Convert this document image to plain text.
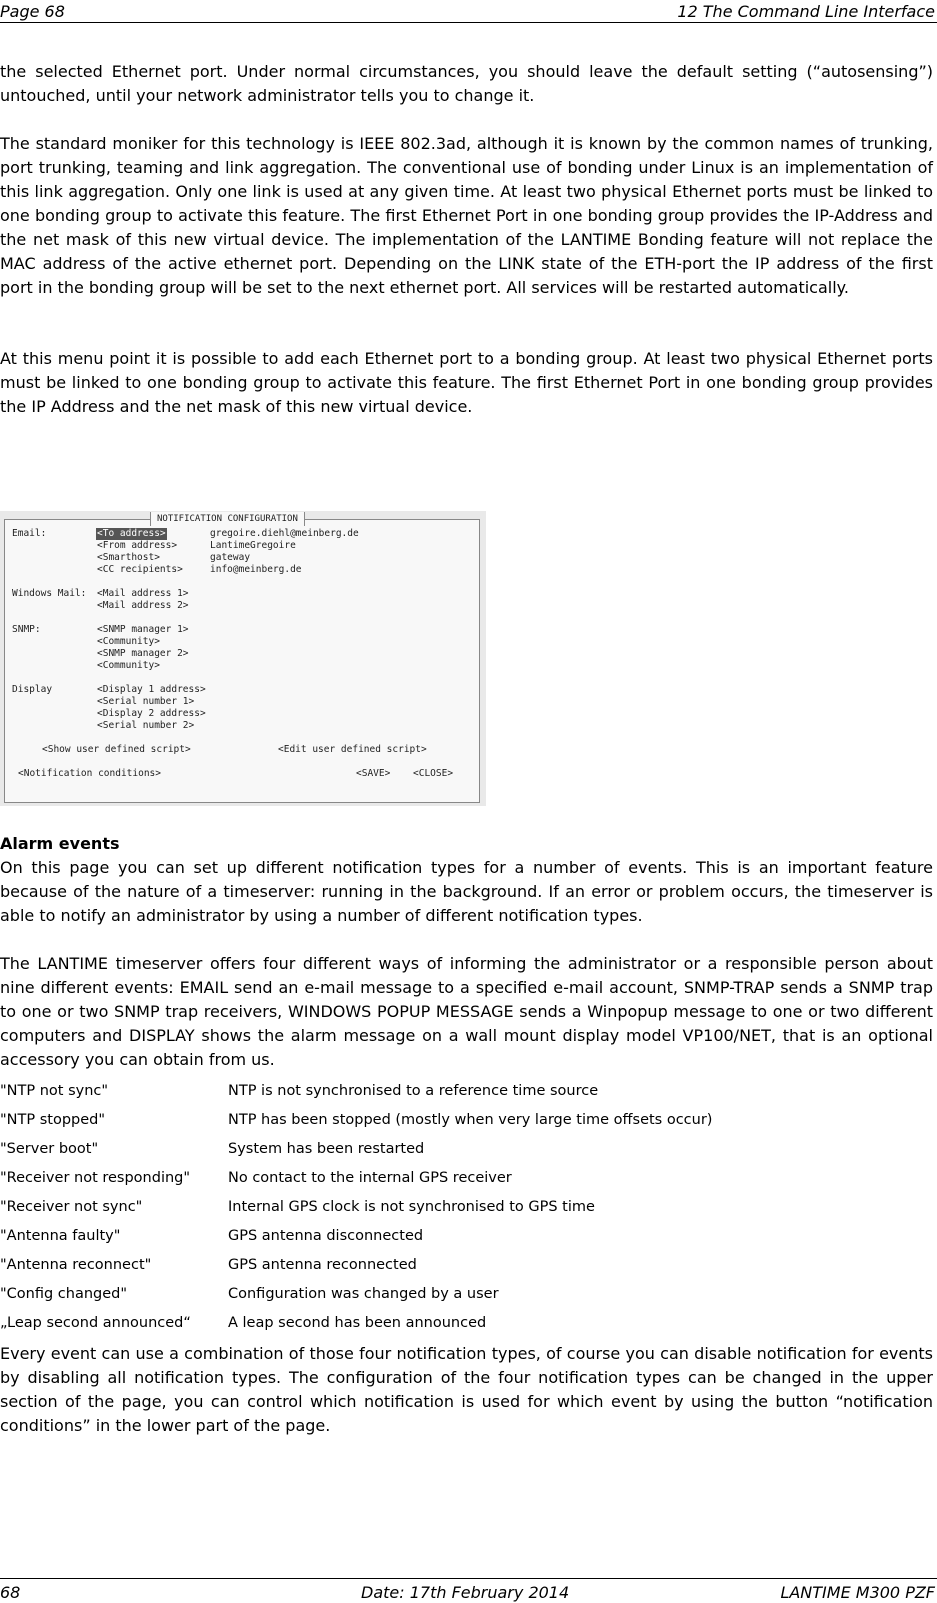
Page 68	12 The Command Line Interface

the selected Ethernet port. Under normal circumstances, you should leave the default setting (“autosensing”) untouched, until your network administrator tells you to change it.

The standard moniker for this technology is IEEE 802.3ad, although it is known by the common names of trunking, port trunking, teaming and link aggregation. The conventional use of bonding under Linux is an implementation of this link aggregation. Only one link is used at any given time. At least two physical Ethernet ports must be linked to one bonding group to activate this feature. The first Ethernet Port in one bonding group provides the IP-Address and the net mask of this new virtual device. The implementation of the LANTIME Bonding feature will not replace the MAC address of the active ethernet port. Depending on the LINK state of the ETH-port the IP address of the first port in the bonding group will be set to the next ethernet port. All services will be restarted automatically.

At this menu point it is possible to add each Ethernet port to a bonding group. At least two physical Ethernet ports must be linked to one bonding group to activate this feature. The first Ethernet Port in one bonding group provides the IP Address and the net mask of this new virtual device.

NOTIFICATION CONFIGURATION
Email:	<To address>	gregoire.diehl@meinberg.de
<From address>	LantimeGregoire
<Smarthost>	gateway
<CC recipients>	info@meinberg.de
Windows Mail: <Mail address 1>
<Mail address 2>
SNMP:	<SNMP manager 1>
<Community>
<SNMP manager 2>
<Community>
Display	<Display 1 address>
<Serial number 1>
<Display 2 address>
<Serial number 2>
<Show user defined script>	<Edit user defined script>
<Notification conditions>	<SAVE> <CLOSE>
Alarm events

On this page you can set up different notification types for a number of events. This is an important feature because of the nature of a timeserver: running in the background. If an error or problem occurs, the timeserver is able to notify an administrator by using a number of different notification types.

The LANTIME timeserver offers four different ways of informing the administrator or a responsible person about nine different events: EMAIL send an e-mail message to a specified e-mail account, SNMP-TRAP sends a SNMP trap to one or two SNMP trap receivers, WINDOWS POPUP MESSAGE sends a Winpopup message to one or two different computers and DISPLAY shows the alarm message on a wall mount display model VP100/NET, that is an optional accessory you can obtain from us.

"NTP not sync"	NTP is not synchronised to a reference time source
"NTP stopped"	NTP has been stopped (mostly when very large time offsets occur)
"Server boot"	System has been restarted
"Receiver not responding"	No contact to the internal GPS receiver
"Receiver not sync"	Internal GPS clock is not synchronised to GPS time
"Antenna faulty"	GPS antenna disconnected
"Antenna reconnect"	GPS antenna reconnected
"Config changed"	Configuration was changed by a user
„Leap second announced“	A leap second has been announced

Every event can use a combination of those four notification types, of course you can disable notification for events by disabling all notification types. The configuration of the four notification types can be changed in the upper section of the page, you can control which notification is used for which event by using the button “notification conditions” in the lower part of the page.

68	Date: 17th February 2014	LANTIME M300 PZF
